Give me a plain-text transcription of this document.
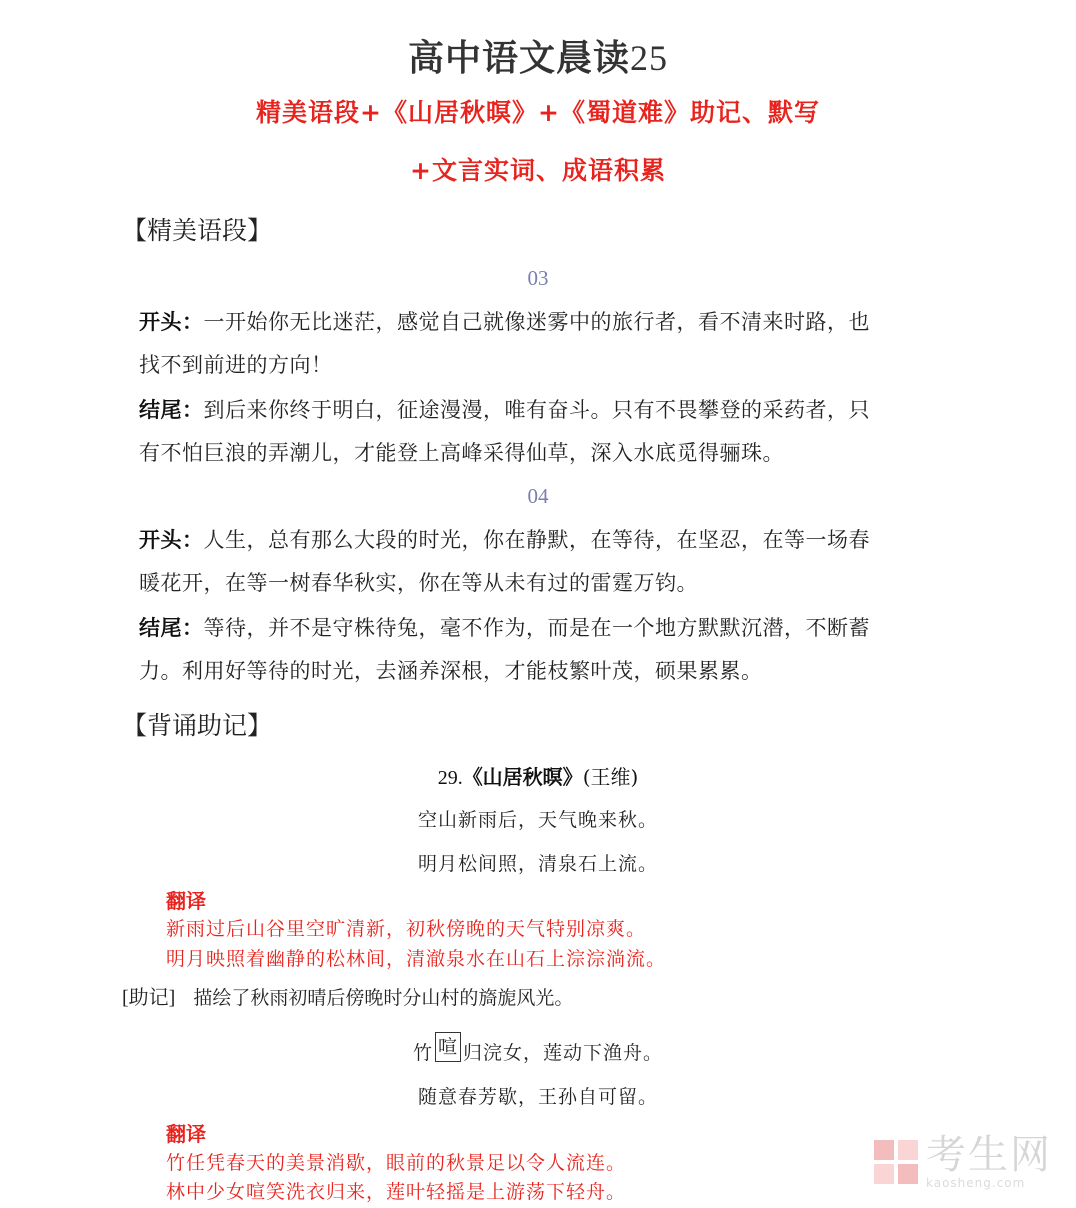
高中语文晨读25
精美语段+《山居秋暝》+《蜀道难》助记、默写
+文言实词、成语积累
【精美语段】
03
开头：一开始你无比迷茫，感觉自己就像迷雾中的旅行者，看不清来时路，也
找不到前进的方向！
结尾：到后来你终于明白，征途漫漫，唯有奋斗。只有不畏攀登的采药者，只
有不怕巨浪的弄潮儿，才能登上高峰采得仙草，深入水底觅得骊珠。
04
开头：人生，总有那么大段的时光，你在静默，在等待，在坚忍，在等一场春
暖花开，在等一树春华秋实，你在等从未有过的雷霆万钧。
结尾：等待，并不是守株待兔，毫不作为，而是在一个地方默默沉潜，不断蓄
力。利用好等待的时光，去涵养深根，才能枝繁叶茂，硕果累累。
【背诵助记】
29.《山居秋暝》(王维)
空山新雨后，天气晚来秋。
明月松间照，清泉石上流。
翻译
新雨过后山谷里空旷清新，初秋傍晚的天气特别凉爽。
明月映照着幽静的松林间，清澈泉水在山石上淙淙淌流。
[助记] 描绘了秋雨初晴后傍晚时分山村的旖旎风光。
竹 喧 归浣女，莲动下渔舟。
随意春芳歇，王孙自可留。
翻译
竹任凭春天的美景消歇，眼前的秋景足以令人流连。
林中少女喧笑洗衣归来，莲叶轻摇是上游荡下轻舟。
考生网
kaosheng.com
